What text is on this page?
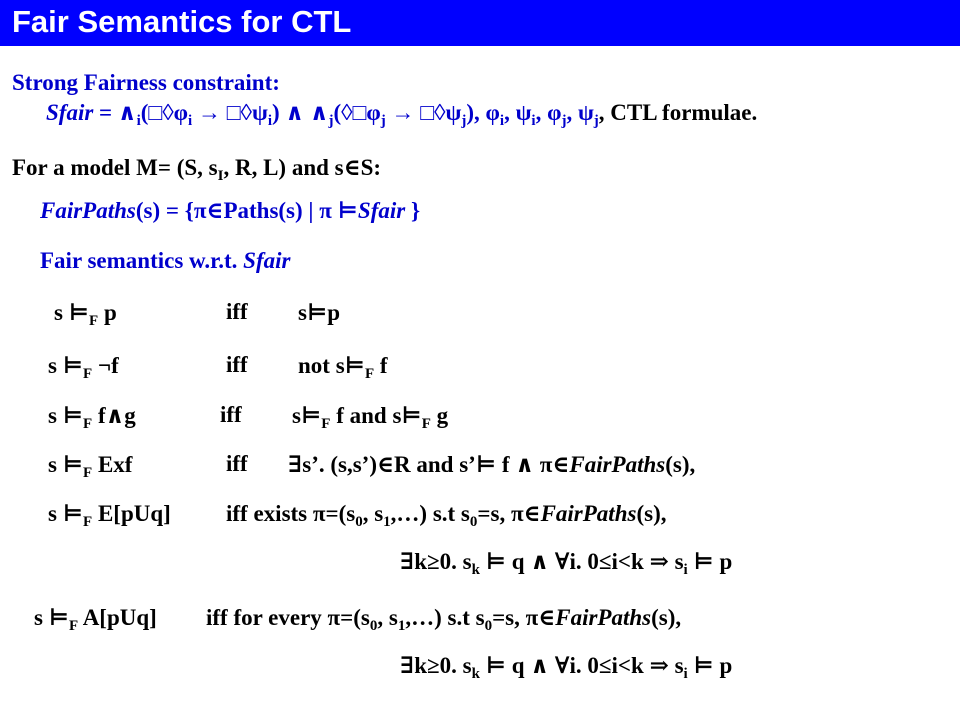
Fair Semantics for CTL
Strong Fairness constraint:
Sfair = $\wedge_i(□◊\varphi_i$ → $□◊\psi_i$) ∧ $\wedge_j(◊□\varphi_j$ → $□◊\psi_j$), $\varphi_i$, $\psi_i$, $\varphi_j$, $\psi_j$, CTL formulae.
For a model M= (S, $s_I$, R, L) and s∈S:
FairPaths(s) = {π∈Paths(s) | π ⊨Sfair }
Fair semantics w.r.t. Sfair
s $⊨_F$ p	iff s⊨p
s $⊨_F$ ¬f	iff not $s⊨_F$ f
s $⊨_F$ f∧g	iff $s⊨_F$ f and $s⊨_F$ g
s $⊨_F$ Exf	iff ∃s’. (s,s’)∈R and s’⊨ f ∧ π∈FairPaths(s),
s $⊨_F$ E[pUq] iff exists $\pi=(s_0$, $s_1,\dots$) s.t $s_0=s$, π∈FairPaths(s),
∃k≥0. $s_k$ ⊨ q ∧ ∀i. 0≤i<k ⇒ $s_i$ ⊨ p
s $⊨_F$ A[pUq] iff for every $\pi=(s_0$, $s_1,\dots$) s.t $s_0=s$, π∈FairPaths(s),
∃k≥0. $s_k$ ⊨ q ∧ ∀i. 0≤i<k ⇒ $s_i$ ⊨ p
